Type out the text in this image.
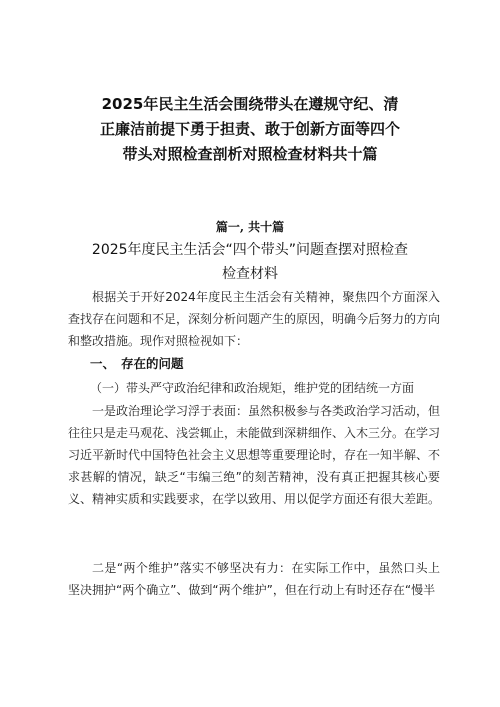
2025年民主生活会围绕带头在遵规守纪、清
正廉洁前提下勇于担责、敢于创新方面等四个
带头对照检查剖析对照检查材料共十篇
篇一, 共十篇
2025年度民主生活会“四个带头”问题查摆对照检查
检查材料
根据关于开好2024年度民主生活会有关精神，聚焦四个方面深入查找存在问题和不足，深刻分析问题产生的原因，明确今后努力的方向和整改措施。现作对照检视如下：
一、 存在的问题
（一）带头严守政治纪律和政治规矩，维护党的团结统一方面
一是政治理论学习浮于表面：虽然积极参与各类政治学习活动，但往往只是走马观花、浅尝辄止，未能做到深耕细作、入木三分。在学习习近平新时代中国特色社会主义思想等重要理论时，存在一知半解、不求甚解的情况，缺乏“韦编三绝”的刻苦精神，没有真正把握其核心要义、精神实质和实践要求，在学以致用、用以促学方面还有很大差距。
二是“两个维护”落实不够坚决有力：在实际工作中，虽然口头上坚决拥护“两个确立”、做到“两个维护”，但在行动上有时还存在“慢半
